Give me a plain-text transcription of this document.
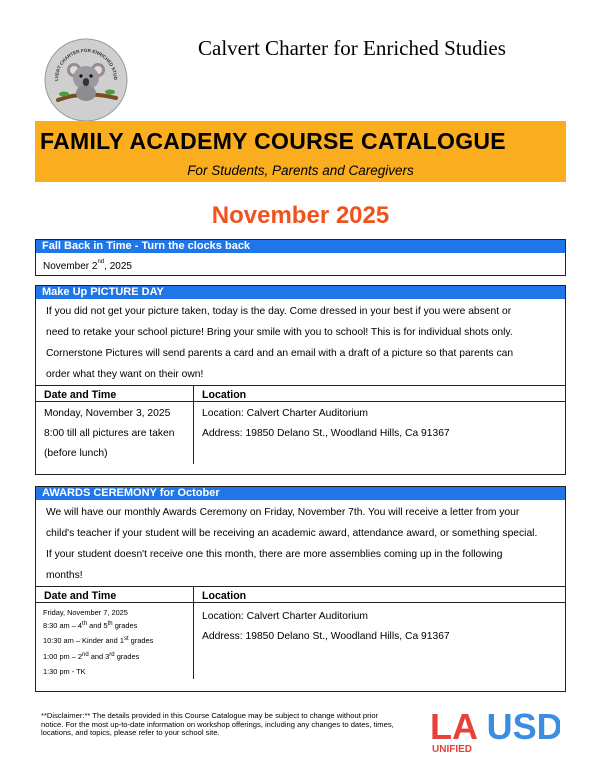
Calvert Charter for Enriched Studies
LVERT CHARTER FOR ENRICHED STUD
FAMILY ACADEMY COURSE CATALOGUE
For Students, Parents and Caregivers
November 2025
Fall Back in Time - Turn the clocks back
November 2nd, 2025
Make Up PICTURE DAY
If you did not get your picture taken, today is the day. Come dressed in your best if you were absent or
need to retake your school picture! Bring your smile with you to school! This is for individual shots only.
Cornerstone Pictures will send parents a card and an email with a draft of a picture so that parents can
order what they want on their own!
Date and Time
Monday, November 3, 2025
8:00 till all pictures are taken
(before lunch)
Location
Location: Calvert Charter Auditorium
Address: 19850 Delano St., Woodland Hills, Ca 91367
AWARDS CEREMONY for October
We will have our monthly Awards Ceremony on Friday, November 7th. You will receive a letter from your
child's teacher if your student will be receiving an academic award, attendance award, or something special.
If your student doesn't receive one this month, there are more assemblies coming up in the following
months!
Date and Time
Friday, November 7, 2025
8:30 am – 4th and 5th grades
10:30 am – Kinder and 1st grades
1:00 pm – 2nd and 3rd grades
1:30 pm - TK
Location
Location: Calvert Charter Auditorium
Address: 19850 Delano St., Woodland Hills, Ca 91367
**Disclaimer:** The details provided in this Course Catalogue may be subject to change without prior notice. For the most up-to-date information on workshop offerings, including any changes to dates, times, locations, and topics, please refer to your school site.	LA USD
UNIFIED
